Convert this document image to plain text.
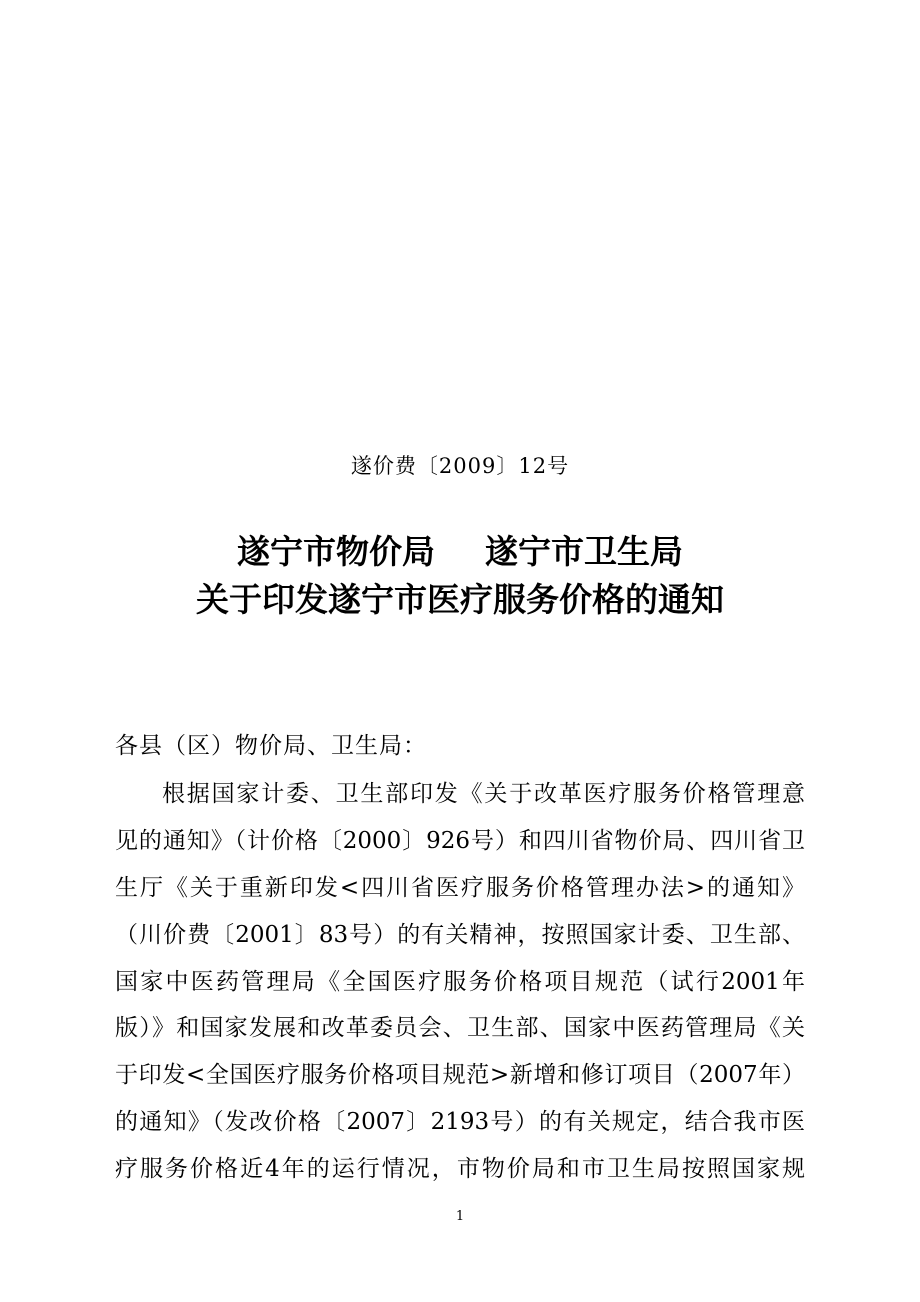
遂价费〔2009〕12号
遂宁市物价局 遂宁市卫生局
关于印发遂宁市医疗服务价格的通知
各县（区）物价局、卫生局：
根据国家计委、卫生部印发《关于改革医疗服务价格管理意
见的通知》（计价格〔2000〕926号）和四川省物价局、四川省卫
生厅《关于重新印发<四川省医疗服务价格管理办法>的通知》
（川价费〔2001〕83号）的有关精神，按照国家计委、卫生部、
国家中医药管理局《全国医疗服务价格项目规范（试行2001年
版）》和国家发展和改革委员会、卫生部、国家中医药管理局《关
于印发<全国医疗服务价格项目规范>新增和修订项目（2007年）
的通知》（发改价格〔2007〕2193号）的有关规定，结合我市医
疗服务价格近4年的运行情况，市物价局和市卫生局按照国家规
1
